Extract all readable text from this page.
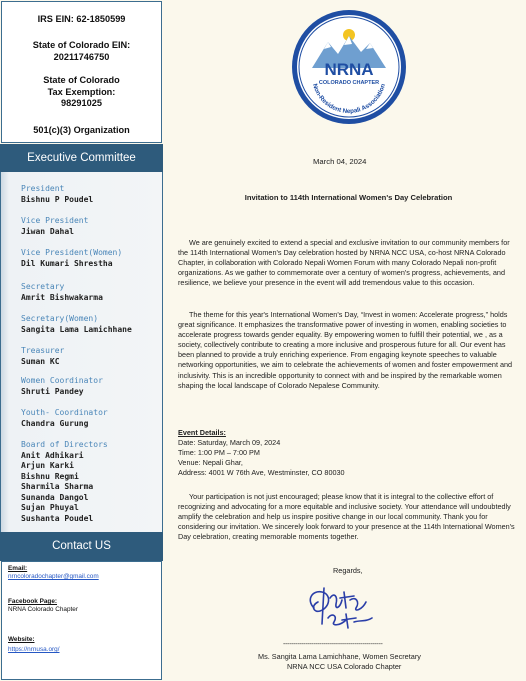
IRS EIN: 62-1850599
State of Colorado EIN:
20211746750
State of Colorado
Tax Exemption:
98291025
501(c)(3) Organization
Executive Committee
President
Bishnu P Poudel
Vice President
Jiwan Dahal
Vice President(Women)
Dil Kumari Shrestha
Secretary
Amrit Bishwakarma
Secretary(Women)
Sangita Lama Lamichhane
Treasurer
Suman KC
Women Coordinator
Shruti Pandey
Youth- Coordinator
Chandra Gurung
Board of Directors
Anit Adhikari
Arjun Karki
Bishnu Regmi
Sharmila Sharma
Sunanda Dangol
Sujan Phuyal
Sushanta Poudel
Contact US
Email:
nrncoloradochapter@gmail.com
Facebook Page:
NRNA Colorado Chapter
Website:
https://nrnusa.org/
NRNA
COLORADO CHAPTER
Non-Resident Nepali Association
March 04, 2024
Invitation to 114th International Women's Day Celebration
We are genuinely excited to extend a special and exclusive invitation to our community members for the 114th International Women's Day celebration hosted by NRNA NCC USA, co-host NRNA Colorado Chapter, in collaboration with Colorado Nepali Women Forum with many Colorado Nepali non-profit organizations. As we gather to commemorate over a century of women's progress, achievements, and resilience, we believe your presence in the event will add tremendous value to this occasion.
The theme for this year's International Women's Day, “Invest in women: Accelerate progress,” holds great significance. It emphasizes the transformative power of investing in women, enabling societies to accelerate progress towards gender equality. By empowering women to fulfill their potential, we , as a society, collectively contribute to creating a more inclusive and prosperous future for all. Our event has been planned to provide a truly enriching experience. From engaging keynote speeches to valuable networking opportunities, we aim to celebrate the achievements of women and foster empowerment and inclusivity. This is an incredible opportunity to connect with and be inspired by the remarkable women shaping the local landscape of Colorado Nepalese Community.
Event Details:
Date: Saturday, March 09, 2024
Time: 1:00 PM – 7:00 PM
Venue: Nepali Ghar,
Address: 4001 W 76th Ave, Westminster, CO 80030
Your participation is not just encouraged; please know that it is integral to the collective effort of recognizing and advocating for a more equitable and inclusive society. Your attendance will undoubtedly amplify the celebration and help us inspire positive change in our local community. Thank you for considering our invitation. We sincerely look forward to your presence at the 114th International Women's Day celebration, creating memorable moments together.
Regards,
-------------------------------------------------
Ms. Sangita Lama Lamichhane, Women Secretary
NRNA NCC USA Colorado Chapter
